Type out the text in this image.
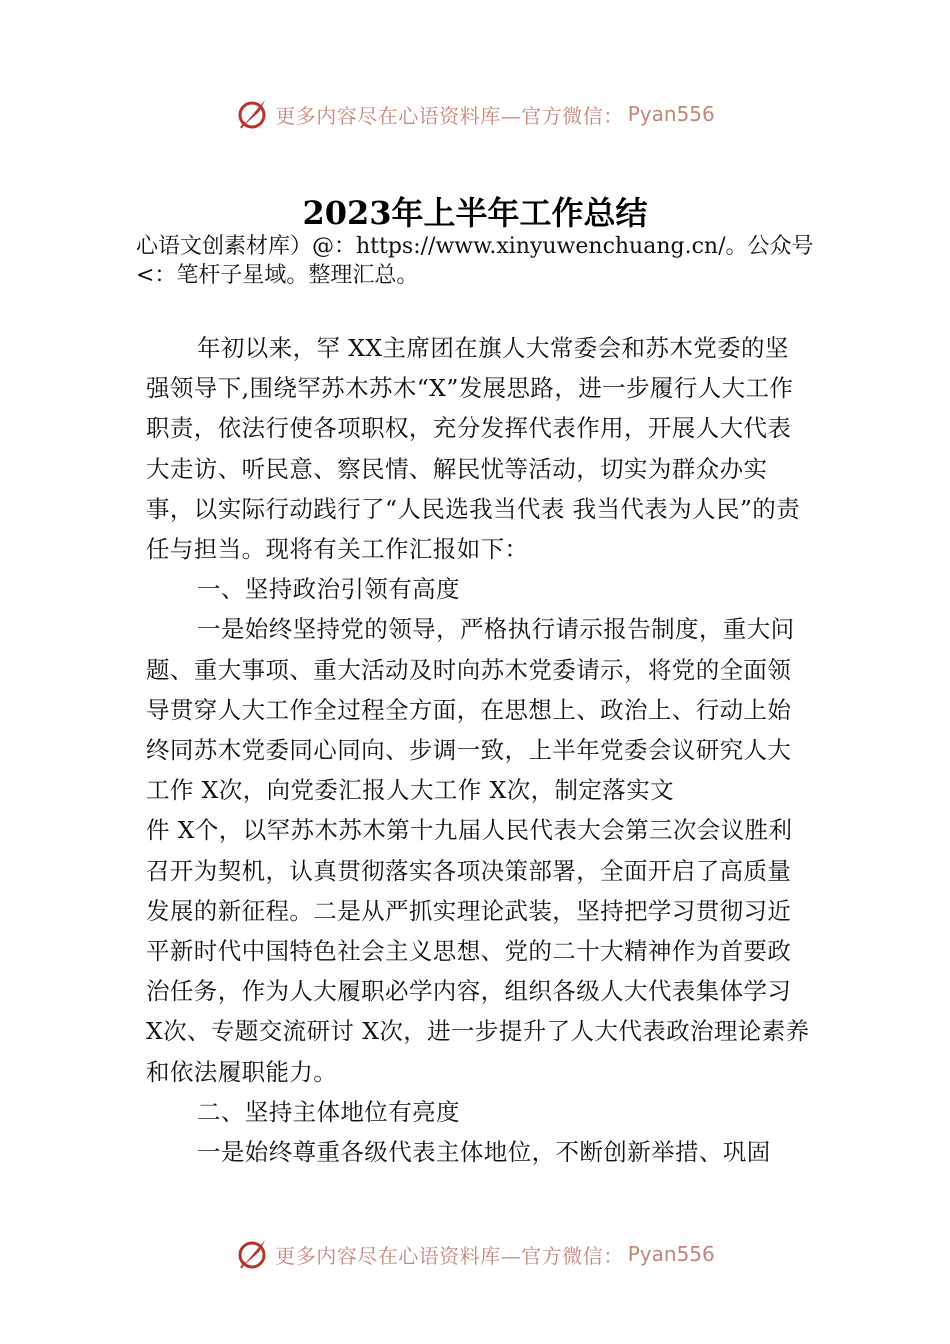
更多内容尽在心语资料库—官方微信： Pyan556
2023年上半年工作总结
心语文创素材库）@：https://www.xinyuwenchuang.cn/。公众号<：笔杆子星域。整理汇总。

年初以来，罕 XX主席团在旗人大常委会和苏木党委的坚强领导下,围绕罕苏木苏木“X”发展思路，进一步履行人大工作职责，依法行使各项职权，充分发挥代表作用，开展人大代表大走访、听民意、察民情、解民忧等活动，切实为群众办实事，以实际行动践行了“人民选我当代表 我当代表为人民”的责任与担当。现将有关工作汇报如下：

一、坚持政治引领有高度

一是始终坚持党的领导，严格执行请示报告制度，重大问题、重大事项、重大活动及时向苏木党委请示，将党的全面领导贯穿人大工作全过程全方面，在思想上、政治上、行动上始终同苏木党委同心同向、步调一致，上半年党委会议研究人大工作 X次，向党委汇报人大工作 X次，制定落实文

件 X个，以罕苏木苏木第十九届人民代表大会第三次会议胜利召开为契机，认真贯彻落实各项决策部署，全面开启了高质量发展的新征程。二是从严抓实理论武装，坚持把学习贯彻习近平新时代中国特色社会主义思想、党的二十大精神作为首要政治任务，作为人大履职必学内容，组织各级人大代表集体学习 X次、专题交流研讨 X次，进一步提升了人大代表政治理论素养和依法履职能力。

二、坚持主体地位有亮度

一是始终尊重各级代表主体地位，不断创新举措、巩固

更多内容尽在心语资料库—官方微信： Pyan556
